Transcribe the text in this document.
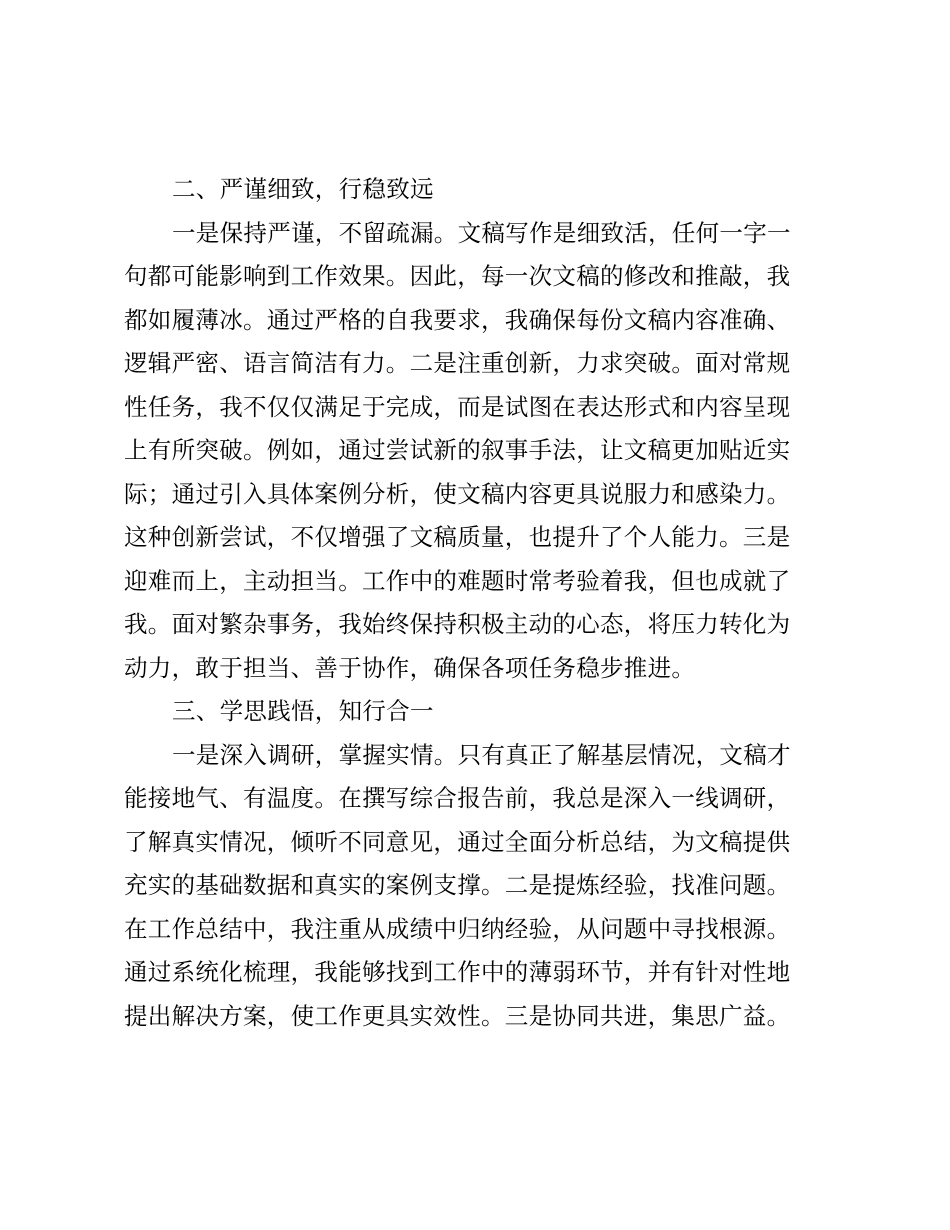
二、严谨细致，行稳致远
一是保持严谨，不留疏漏。文稿写作是细致活，任何一字一
句都可能影响到工作效果。因此，每一次文稿的修改和推敲，我
都如履薄冰。通过严格的自我要求，我确保每份文稿内容准确、
逻辑严密、语言简洁有力。二是注重创新，力求突破。面对常规
性任务，我不仅仅满足于完成，而是试图在表达形式和内容呈现
上有所突破。例如，通过尝试新的叙事手法，让文稿更加贴近实
际；通过引入具体案例分析，使文稿内容更具说服力和感染力。
这种创新尝试，不仅增强了文稿质量，也提升了个人能力。三是
迎难而上，主动担当。工作中的难题时常考验着我，但也成就了
我。面对繁杂事务，我始终保持积极主动的心态，将压力转化为
动力，敢于担当、善于协作，确保各项任务稳步推进。
三、学思践悟，知行合一
一是深入调研，掌握实情。只有真正了解基层情况，文稿才
能接地气、有温度。在撰写综合报告前，我总是深入一线调研，
了解真实情况，倾听不同意见，通过全面分析总结，为文稿提供
充实的基础数据和真实的案例支撑。二是提炼经验，找准问题。
在工作总结中，我注重从成绩中归纳经验，从问题中寻找根源。
通过系统化梳理，我能够找到工作中的薄弱环节，并有针对性地
提出解决方案，使工作更具实效性。三是协同共进，集思广益。
